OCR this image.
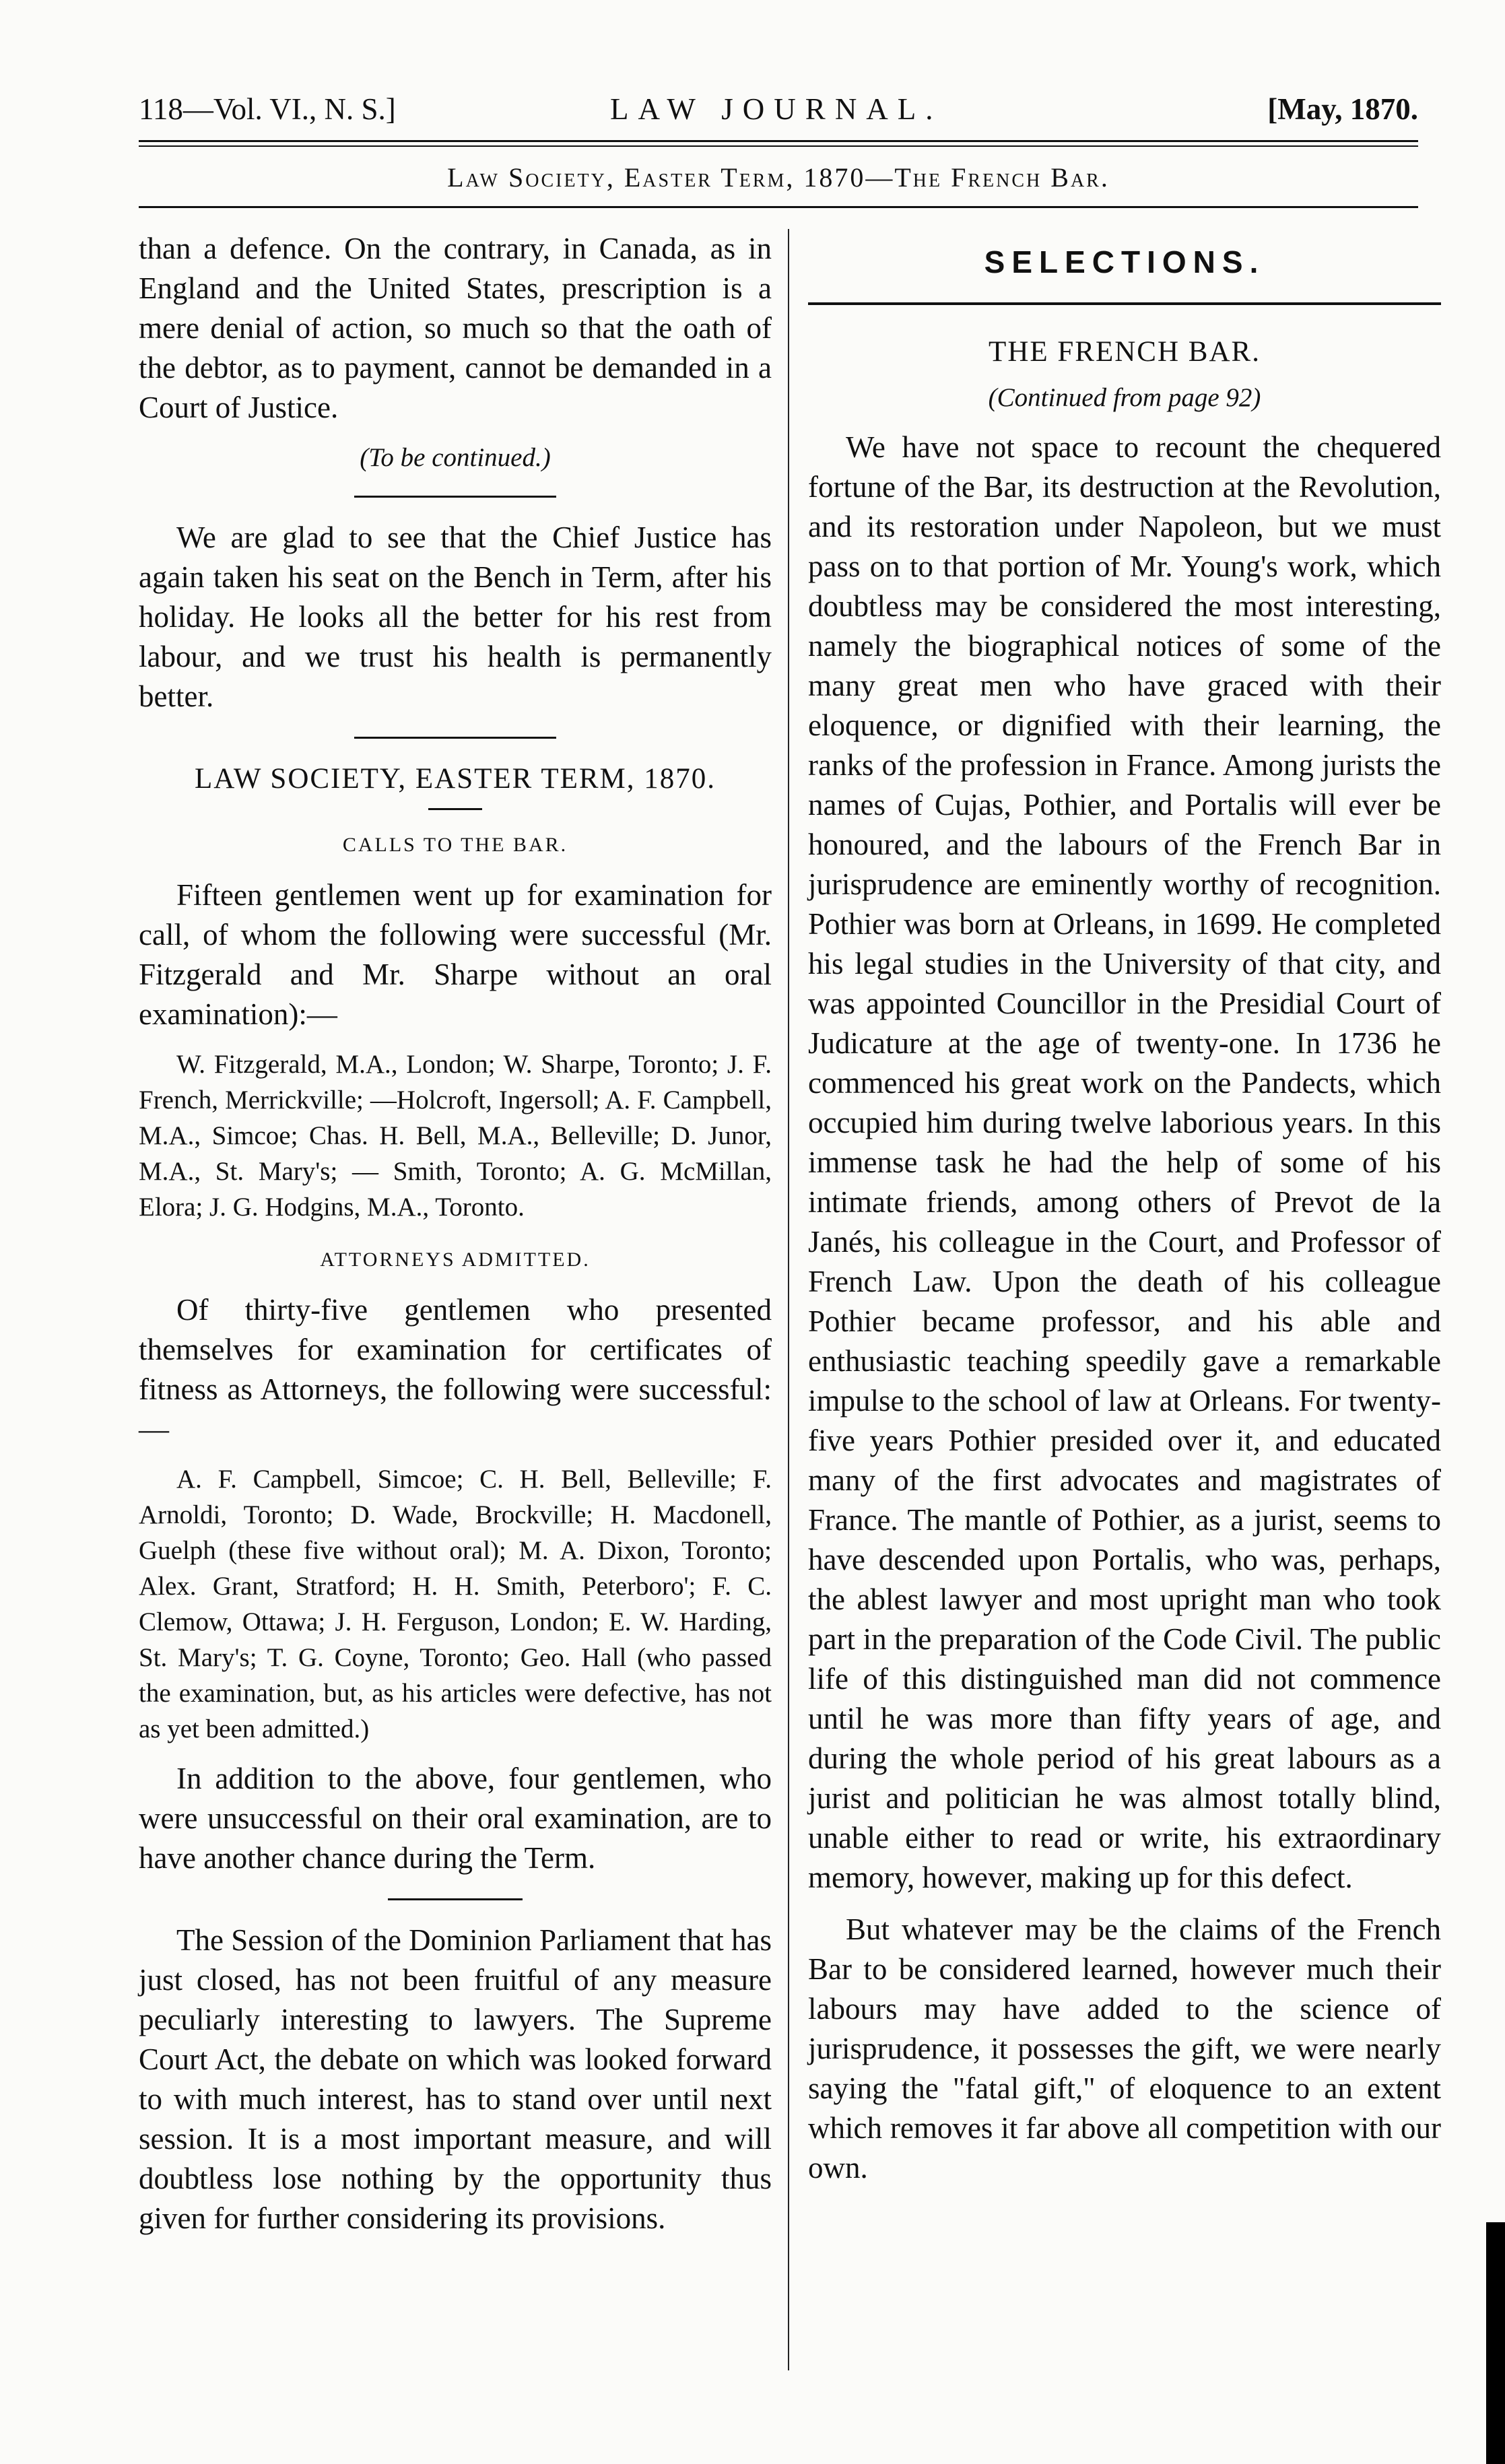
118—Vol. VI., N. S.]	LAW JOURNAL.	[May, 1870.
Law Society, Easter Term, 1870—The French Bar.

than a defence. On the contrary, in Canada, as in England and the United States, prescription is a mere denial of action, so much so that the oath of the debtor, as to payment, cannot be demanded in a Court of Justice.

(To be continued.)

We are glad to see that the Chief Justice has again taken his seat on the Bench in Term, after his holiday. He looks all the better for his rest from labour, and we trust his health is permanently better.

LAW SOCIETY, EASTER TERM, 1870.
CALLS TO THE BAR.

Fifteen gentlemen went up for examination for call, of whom the following were successful (Mr. Fitzgerald and Mr. Sharpe without an oral examination):—

W. Fitzgerald, M.A., London; W. Sharpe, Toronto; J. F. French, Merrickville; —Holcroft, Ingersoll; A. F. Campbell, M.A., Simcoe; Chas. H. Bell, M.A., Belleville; D. Junor, M.A., St. Mary's; — Smith, Toronto; A. G. McMillan, Elora; J. G. Hodgins, M.A., Toronto.

ATTORNEYS ADMITTED.

Of thirty-five gentlemen who presented themselves for examination for certificates of fitness as Attorneys, the following were successful:—

A. F. Campbell, Simcoe; C. H. Bell, Belleville; F. Arnoldi, Toronto; D. Wade, Brockville; H. Macdonell, Guelph (these five without oral); M. A. Dixon, Toronto; Alex. Grant, Stratford; H. H. Smith, Peterboro'; F. C. Clemow, Ottawa; J. H. Ferguson, London; E. W. Harding, St. Mary's; T. G. Coyne, Toronto; Geo. Hall (who passed the examination, but, as his articles were defective, has not as yet been admitted.)

In addition to the above, four gentlemen, who were unsuccessful on their oral examination, are to have another chance during the Term.

The Session of the Dominion Parliament that has just closed, has not been fruitful of any measure peculiarly interesting to lawyers. The Supreme Court Act, the debate on which was looked forward to with much interest, has to stand over until next session. It is a most important measure, and will doubtless lose nothing by the opportunity thus given for further considering its provisions.

SELECTIONS.
THE FRENCH BAR.

(Continued from page 92)

We have not space to recount the chequered fortune of the Bar, its destruction at the Revolution, and its restoration under Napoleon, but we must pass on to that portion of Mr. Young's work, which doubtless may be considered the most interesting, namely the biographical notices of some of the many great men who have graced with their eloquence, or dignified with their learning, the ranks of the profession in France. Among jurists the names of Cujas, Pothier, and Portalis will ever be honoured, and the labours of the French Bar in jurisprudence are eminently worthy of recognition. Pothier was born at Orleans, in 1699. He completed his legal studies in the University of that city, and was appointed Councillor in the Presidial Court of Judicature at the age of twenty-one. In 1736 he commenced his great work on the Pandects, which occupied him during twelve laborious years. In this immense task he had the help of some of his intimate friends, among others of Prevot de la Janés, his colleague in the Court, and Professor of French Law. Upon the death of his colleague Pothier became professor, and his able and enthusiastic teaching speedily gave a remarkable impulse to the school of law at Orleans. For twenty-five years Pothier presided over it, and educated many of the first advocates and magistrates of France. The mantle of Pothier, as a jurist, seems to have descended upon Portalis, who was, perhaps, the ablest lawyer and most upright man who took part in the preparation of the Code Civil. The public life of this distinguished man did not commence until he was more than fifty years of age, and during the whole period of his great labours as a jurist and politician he was almost totally blind, unable either to read or write, his extraordinary memory, however, making up for this defect.

But whatever may be the claims of the French Bar to be considered learned, however much their labours may have added to the science of jurisprudence, it possesses the gift, we were nearly saying the "fatal gift," of eloquence to an extent which removes it far above all competition with our own.
